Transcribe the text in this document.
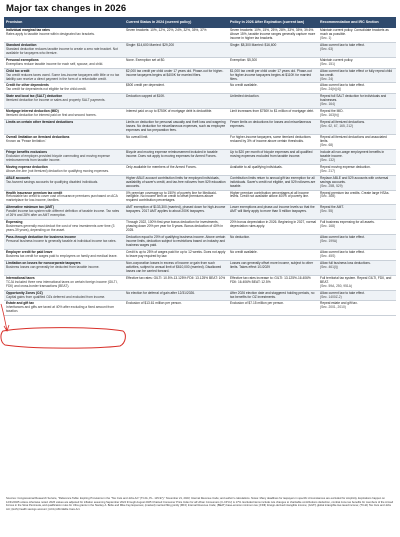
Major tax changes in 2026
Provision	Current Status in 2024 (current policy)	Policy in 2026 After Expiration (current law)	Recommendation and IRC Section

Individual marginal tax rates
Rates apply to taxable income within designated tax brackets.	Seven brackets: 10%, 12%, 22%, 24%, 32%, 35%, 37%	Seven brackets: 10%, 15%, 25%, 28%, 33%, 35%, 39.6%. Above 15%, taxable income ranges generally capture more income in higher tax brackets.	Maintain current policy. Consolidate brackets as much as possible.
(Sec. 1)

Standard deduction
Standard deduction reduces taxable income to create a zero rate bracket. Not available for taxpayers who itemize.	Single: $14,600 Married: $29,200	Single: $8,300 Married: $16,600	Allow current law to take effect.
(Sec. 63)

Personal exemptions
Exemptions reduce taxable income for each self, spouse, and child.	None. Exemption set at $0.	Exemption: $5,300	Maintain current policy.
(Sec. 151)

Child tax credit
Tax credit reduces taxes owed. Some low-income taxpayers with little or no tax liability can receive a direct payment in the form of a refundable credit.	$2,000 tax credit per child under 17 years old. Phase-out for higher-income taxpayers begins at $400K for married filers.	$1,000 tax credit per child under 17 years old. Phase-out for higher-income taxpayers begins at $110K for married filers.	Allow current law to take effect or fully repeal child tax credit.
(Sec. 24)

Credit for other dependents
Tax credit for dependents not eligible for the child credit.	$500 credit per dependent.	No credit available.	Allow current law to take effect.
(Sec. 24(h)(4))

State and local tax (SALT) deduction
Itemized deduction for income or sales and property SALT payments.	Deduction capped at $10K.	Unlimited deduction.	Repeal full SALT deduction for individuals and businesses.
(Sec. 164)

Mortgage interest deduction (MID)
Itemized deduction for interest paid on first and second homes.	Interest paid on up to $750K of mortgage debt is deductible.	Limit increases from $750K to $1 million of mortgage debt.	Repeal the MID.
(Sec. 163(h))

Limits on certain other itemized deductions	Limits on deduction for personal casualty and theft loss and wagering losses. No deduction for miscellaneous expenses, such as employee expenses and tax preparation fees.	Fewer limits on deductions for losses and miscellaneous expenses.	Repeal all itemized deductions.
(Sec. 62, 67, 165, 212)

Overall limitation on itemized deductions
Known as 'Pease limitation.'	No overall limit.	For higher-income taxpayers, some itemized deductions reduced by 3% of income above certain thresholds.	Repeal all itemized deductions and associated limits.
(Sec. 68)

Fringe benefits exclusions
Exclusion of employer-provided bicycle commuting and moving expense reimbursements from taxable income.	Bicycle and moving expense reimbursement included in taxable income. Does not apply to moving expenses for Armed Forces.	Up to $20 per month of bicycle expenses and all qualified moving expenses excluded from taxable income.	Include all non-wage employment benefits in taxable income.
(Sec. 132)

Moving expense deduction
Above-the-line (not itemized) deduction for qualifying moving expenses.	Only available for members of the Armed Forces.	Available to all qualifying individuals.	Repeal moving expense deduction.
(Sec. 217)

ABLE accounts
Tax-favored savings accounts for qualifying disabled individuals.	Higher ABLE account contribution limits for employed individuals, availability of saver's credit, and tax-free rollovers from 529 education accounts.	Contribution limits return to annual gift tax exemption for all individuals. Saver's credit not eligible, and 529 rollovers are taxable.	Replace ABLE and 529 accounts with universal savings accounts.
(Sec. 25B, 529)

Health insurance premium tax credit
Refundable tax credit to cover cost of insurance premiums purchased on ACA marketplace for low-income, families.	0% premium coverage up to 150% of poverty line for Medicaid-ineligible. No income limit on credit to offset premiums above required contribution percentages.	Higher premium contribution percentages at all income levels. Credit not available above 400% of poverty line.	Repeal premium tax credits. Create large HSAs.
(Sec. 36B)

Alternative minimum tax (AMT)
Parallel income tax system with different definition of taxable income. Tax rates of 26% and 28% after an AMT exemption.	AMT exemption of $133,300 (married), phased down for high-income taxpayers. 2017 AMT applies to about 200K taxpayers.	Lower exemptions and phase-out income levels so that the AMT will likely apply to more than 5 million taxpayers.	Repeal the AMT.
(Sec. 55)

Expensing
Businesses generally must deduct the cost of new investments over time (3 years-39 years), depending on the asset.	Through 2022, 100% first-year bonus deduction for investments, phasing down 20% per year for 5 years. Bonus deduction of 40% in 2025.	20% bonus depreciation in 2026. Beginning in 2027, normal depreciation rules apply.	Full business expensing for all assets.
(Sec. 168)

Pass-through deduction for business income
Personal business income is generally taxable at individual income tax rates.	Deduction equal to 20% of qualifying business income. Above certain income limits, deduction subject to restrictions based on industry and business wages paid.	No deduction.	Allow current law to take effect.
(Sec. 199A)

Employer credit for paid leave
Business tax credit for wages paid to employees on family and medical leave.	Credit is up to 25% of wages paid for up to 12 weeks. Does not apply to leave pay required by law.	No credit available.	Allow current law to take effect.
(Sec. 45S)

Limitation on losses for noncorporate taxpayers
Business losses can generally be deducted from taxable income.	Non-corporation losses in excess of income or gain from such activities, subject to annual limit of $610,000 (married). Disallowed losses can be carried forward.	Losses can generally offset more income, subject to other limits. Takes effect 1/1/2029	Allow full business loss deductions.
(Sec. 461(l))

International taxes
TCJA included three new international taxes on certain foreign income (GILTI, FDII) and cross-border transactions (BEAT).	Effective tax rates: GILTI: 10.5%-13.125% FDII: 13.125% BEAT: 10%	Effective tax rates increase to: GILTI: 13.125%-16.406% FDII: 16.406% BEAT: 12.5%	Full territorial tax system. Repeal GILTI, FDII, and BEAT.
(Sec. 59A, 250, 951A)

Opportunity Zones (OZ)
Capital gains from qualified OZs deferred and excluded from income.	No election for deferral of gain after 12/31/2026.	After 2026 election date and staggered holding periods, no tax benefits for OZ investments.	Allow current law to take effect.
(Sec. 1400Z-2)

Estate and gift tax
Inheritances and gifts are taxed at 40% after excluding a fixed amount from taxation.	Exclusion of $13.61 million per person.	Exclusion of $7.15 million per person.	Repeal estate and gift tax.
(Sec. 2001, 2010)
Sources: Congressional Research Service, "Reference Table: Expiring Provisions in the "Tax Cuts and Jobs Act" (TCJA, P.L. 115-97)," November 21, 2023; Internal Revenue Code; and author's calculations. Notes: Many deadlines for taxpayers in specific circumstances are excluded for simplicity. Expirations happen on 12/31/2025 unless otherwise noted. 2026 values are adjusted for inflation assuming September 2024 through August 2025 Chained Consumer Price Index for all Urban Consumers (C-CPI-U) is 17%. Excluded items include rule changes to charitable contributions deduction, combat zone tax benefits for members of the Armed Forces in the Sinai Peninsula, and qualification rules for Ultra grants in the Stanley A. Bolte and Mike Fay Expenses; (marked) married filing jointly (MFJ) Internal Revenue Code; (BEAT) base-erosion minimum tax; (FDII) foreign-derived intangible income; (GILTI) global intangible low-taxed income; (TCJA) Tax Cuts and Jobs Act; (HAS) health savings account; (ACA) Affordable Care Act.
